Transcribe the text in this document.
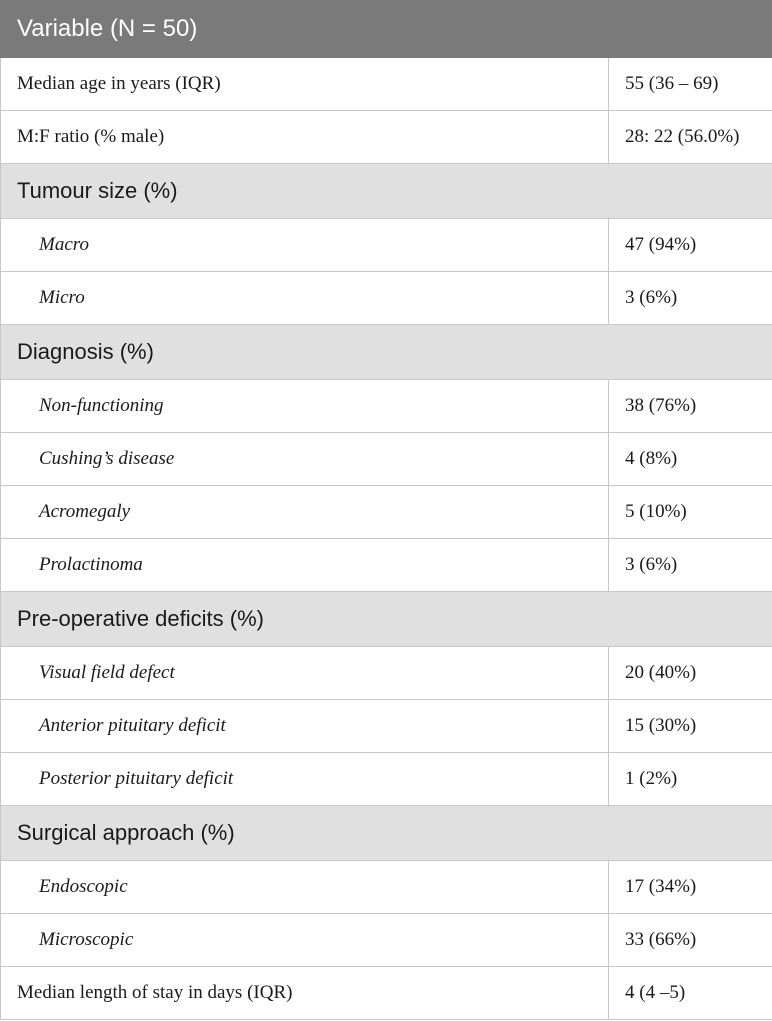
Variable (N = 50)	
Median age in years (IQR)	55 (36 – 69)
M:F ratio (% male)	28: 22 (56.0%)
Tumour size (%)	
Macro	47 (94%)
Micro	3 (6%)
Diagnosis (%)	
Non-functioning	38 (76%)
Cushing’s disease	4 (8%)
Acromegaly	5 (10%)
Prolactinoma	3 (6%)
Pre-operative deficits (%)	
Visual field defect	20 (40%)
Anterior pituitary deficit	15 (30%)
Posterior pituitary deficit	1 (2%)
Surgical approach (%)	
Endoscopic	17 (34%)
Microscopic	33 (66%)
Median length of stay in days (IQR)	4 (4 –5)
